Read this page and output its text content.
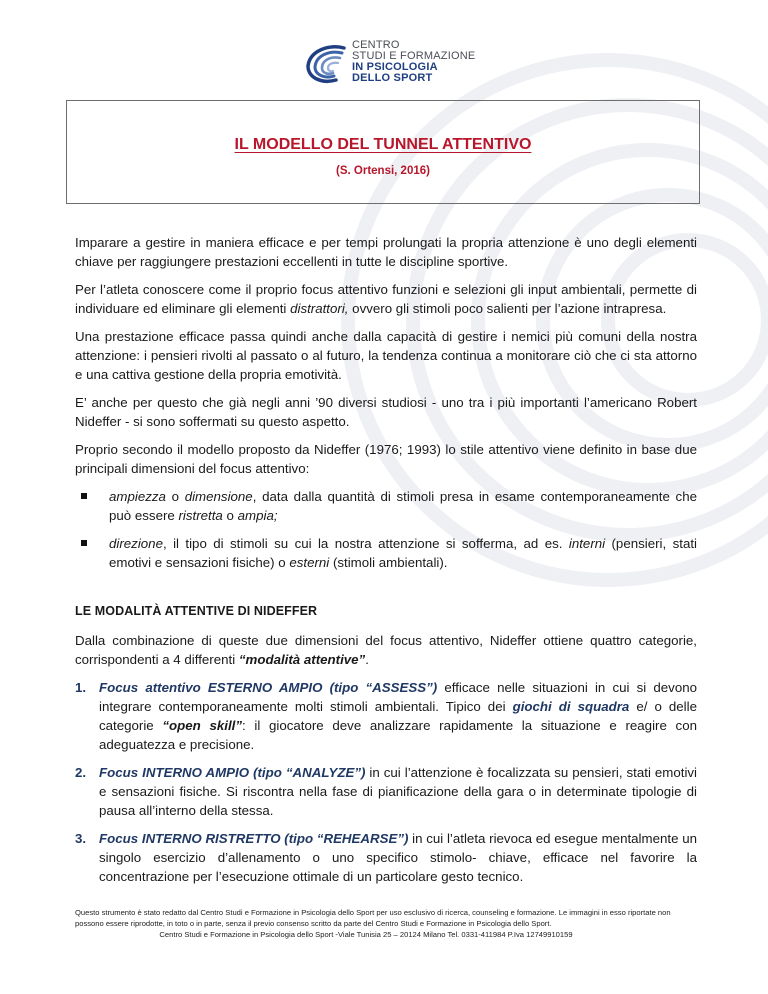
CENTRO
STUDI E FORMAZIONE
IN PSICOLOGIA
DELLO SPORT
IL MODELLO DEL TUNNEL ATTENTIVO
(S. Ortensi, 2016)

Imparare a gestire in maniera efficace e per tempi prolungati la propria attenzione è uno degli elementi chiave per raggiungere prestazioni eccellenti in tutte le discipline sportive.

Per l’atleta conoscere come il proprio focus attentivo funzioni e selezioni gli input ambientali, permette di individuare ed eliminare gli elementi distrattori, ovvero gli stimoli poco salienti per l’azione intrapresa.

Una prestazione efficace passa quindi anche dalla capacità di gestire i nemici più comuni della nostra attenzione: i pensieri rivolti al passato o al futuro, la tendenza continua a monitorare ciò che ci sta attorno e una cattiva gestione della propria emotività.

E’ anche per questo che già negli anni ’90 diversi studiosi - uno tra i più importanti l’americano Robert Nideffer - si sono soffermati su questo aspetto.

Proprio secondo il modello proposto da Nideffer (1976; 1993) lo stile attentivo viene definito in base due principali dimensioni del focus attentivo:

ampiezza o dimensione, data dalla quantità di stimoli presa in esame contemporaneamente che può essere ristretta o ampia;
direzione, il tipo di stimoli su cui la nostra attenzione si sofferma, ad es. interni (pensieri, stati emotivi e sensazioni fisiche) o esterni (stimoli ambientali).
LE MODALITÀ ATTENTIVE DI NIDEFFER

Dalla combinazione di queste due dimensioni del focus attentivo, Nideffer ottiene quattro categorie, corrispondenti a 4 differenti “modalità attentive”.

1. Focus attentivo ESTERNO AMPIO (tipo “ASSESS”) efficace nelle situazioni in cui si devono integrare contemporaneamente molti stimoli ambientali. Tipico dei giochi di squadra e/ o delle categorie “open skill”: il giocatore deve analizzare rapidamente la situazione e reagire con adeguatezza e precisione.
2. Focus INTERNO AMPIO (tipo “ANALYZE”) in cui l’attenzione è focalizzata su pensieri, stati emotivi e sensazioni fisiche. Si riscontra nella fase di pianificazione della gara o in determinate tipologie di pausa all’interno della stessa.
3. Focus INTERNO RISTRETTO (tipo “REHEARSE”) in cui l’atleta rievoca ed esegue mentalmente un singolo esercizio d’allenamento o uno specifico stimolo- chiave, efficace nel favorire la concentrazione per l’esecuzione ottimale di un particolare gesto tecnico.
Questo strumento è stato redatto dal Centro Studi e Formazione in Psicologia dello Sport per uso esclusivo di ricerca, counseling e formazione. Le immagini in esso riportate non possono essere riprodotte, in toto o in parte, senza il previo consenso scritto da parte del Centro Studi e Formazione in Psicologia dello Sport.
Centro Studi e Formazione in Psicologia dello Sport -Viale Tunisia 25 – 20124 Milano Tel. 0331-411984 P.Iva 12749910159
